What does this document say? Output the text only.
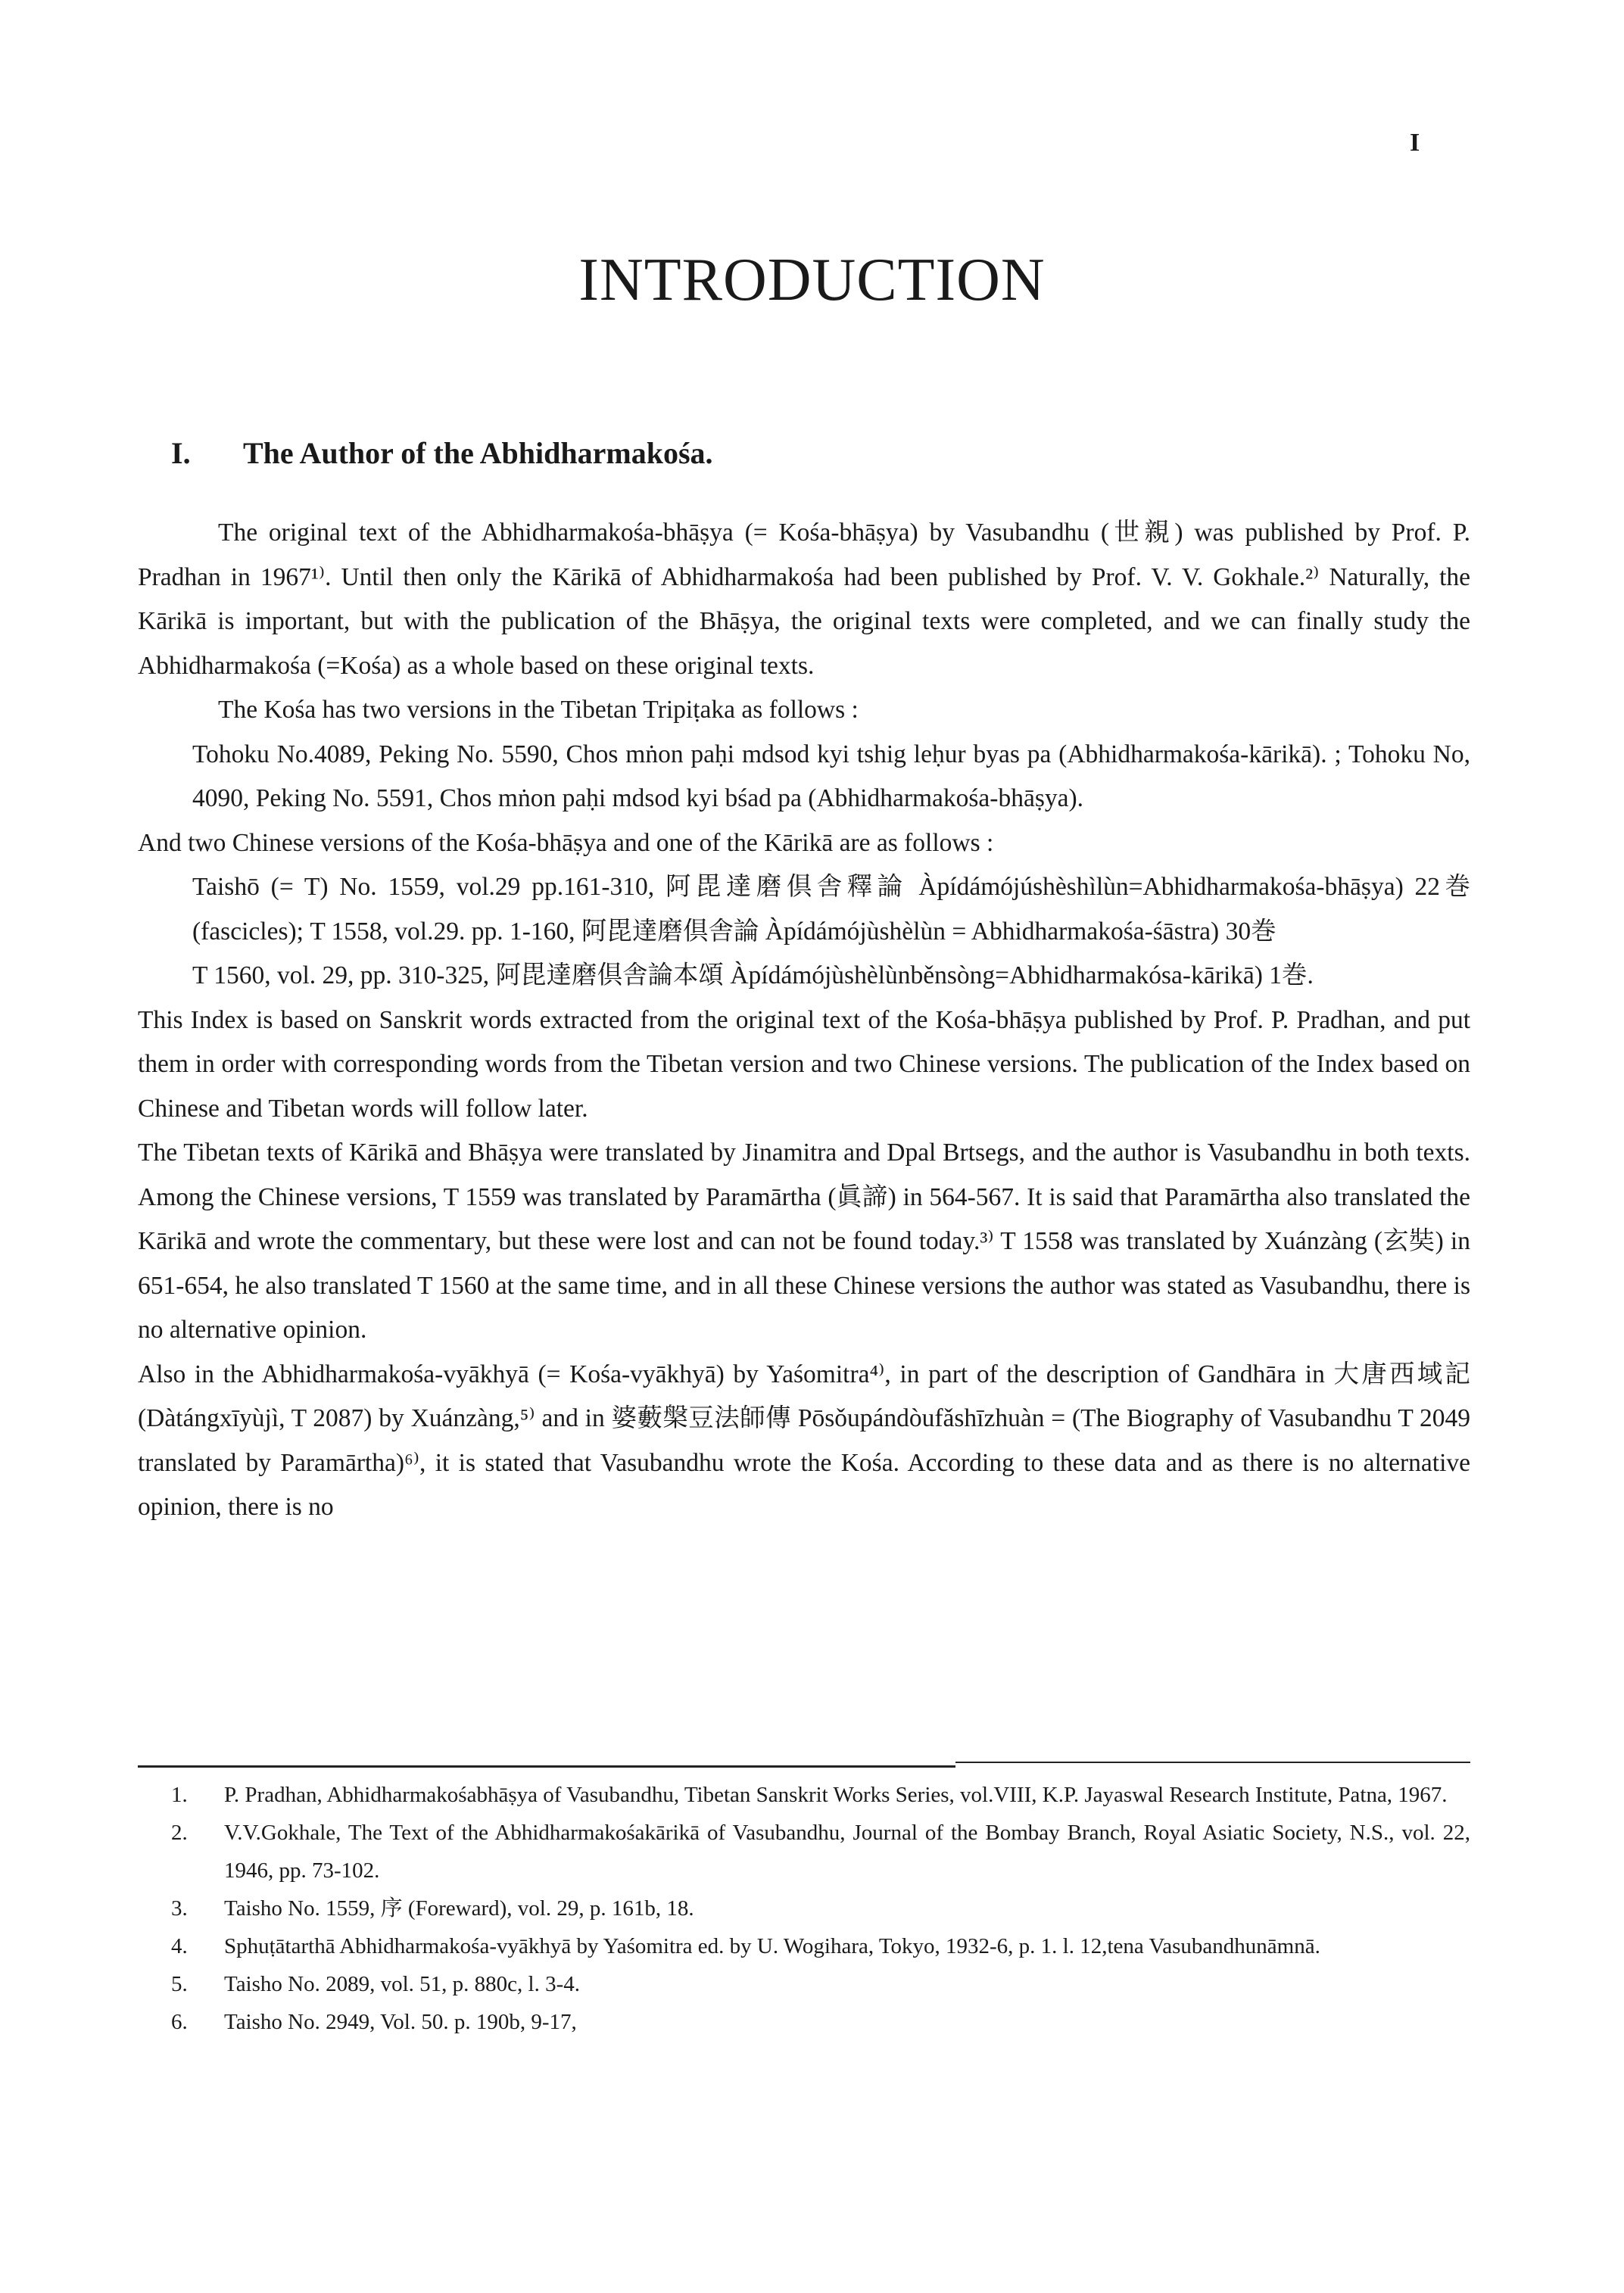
I
INTRODUCTION
I. The Author of the Abhidharmakośa.

The original text of the Abhidharmakośa-bhāṣya (= Kośa-bhāṣya) by Vasubandhu (世親) was published by Prof. P. Pradhan in 1967¹⁾. Until then only the Kārikā of Abhidharmakośa had been published by Prof. V. V. Gokhale.²⁾ Naturally, the Kārikā is important, but with the publication of the Bhāṣya, the original texts were completed, and we can finally study the Abhidharmakośa (=Kośa) as a whole based on these original texts.

The Kośa has two versions in the Tibetan Tripiṭaka as follows :

Tohoku No.4089, Peking No. 5590, Chos mṅon paḥi mdsod kyi tshig leḥur byas pa (Abhidharmakośa-kārikā). ; Tohoku No, 4090, Peking No. 5591, Chos mṅon paḥi mdsod kyi bśad pa (Abhidharmakośa-bhāṣya).

And two Chinese versions of the Kośa-bhāṣya and one of the Kārikā are as follows :

Taishō (= T) No. 1559, vol.29 pp.161-310, 阿毘達磨倶舎釋論 Àpídámójúshèshìlùn=Abhidharmakośa-bhāṣya) 22巻 (fascicles); T 1558, vol.29. pp. 1-160, 阿毘達磨倶舎論 Àpídámójùshèlùn = Abhidharmakośa-śāstra) 30巻

T 1560, vol. 29, pp. 310-325, 阿毘達磨倶舎論本頌 Àpídámójùshèlùnběnsòng=Abhidharmakósa-kārikā) 1巻.

This Index is based on Sanskrit words extracted from the original text of the Kośa-bhāṣya published by Prof. P. Pradhan, and put them in order with corresponding words from the Tibetan version and two Chinese versions. The publication of the Index based on Chinese and Tibetan words will follow later.

The Tibetan texts of Kārikā and Bhāṣya were translated by Jinamitra and Dpal Brtsegs, and the author is Vasubandhu in both texts. Among the Chinese versions, T 1559 was translated by Paramārtha (眞諦) in 564-567. It is said that Paramārtha also translated the Kārikā and wrote the commentary, but these were lost and can not be found today.³⁾ T 1558 was translated by Xuánzàng (玄奘) in 651-654, he also translated T 1560 at the same time, and in all these Chinese versions the author was stated as Vasubandhu, there is no alternative opinion.

Also in the Abhidharmakośa-vyākhyā (= Kośa-vyākhyā) by Yaśomitra⁴⁾, in part of the description of Gandhāra in 大唐西域記 (Dàtángxīyùjì, T 2087) by Xuánzàng,⁵⁾ and in 婆藪槃豆法師傳 Pōsǒupándòufǎshīzhuàn = (The Biography of Vasubandhu T 2049 translated by Paramārtha)⁶⁾, it is stated that Vasubandhu wrote the Kośa. According to these data and as there is no alternative opinion, there is no

1.	P. Pradhan, Abhidharmakośabhāṣya of Vasubandhu, Tibetan Sanskrit Works Series, vol.VIII, K.P. Jayaswal Research Institute, Patna, 1967.
2.	V.V.Gokhale, The Text of the Abhidharmakośakārikā of Vasubandhu, Journal of the Bombay Branch, Royal Asiatic Society, N.S., vol. 22, 1946, pp. 73-102.
3.	Taisho No. 1559, 序 (Foreward), vol. 29, p. 161b, 18.
4.	Sphuṭātarthā Abhidharmakośa-vyākhyā by Yaśomitra ed. by U. Wogihara, Tokyo, 1932-6, p. 1. l. 12,tena Vasubandhunāmnā.
5.	Taisho No. 2089, vol. 51, p. 880c, l. 3-4.
6.	Taisho No. 2949, Vol. 50. p. 190b, 9-17,
